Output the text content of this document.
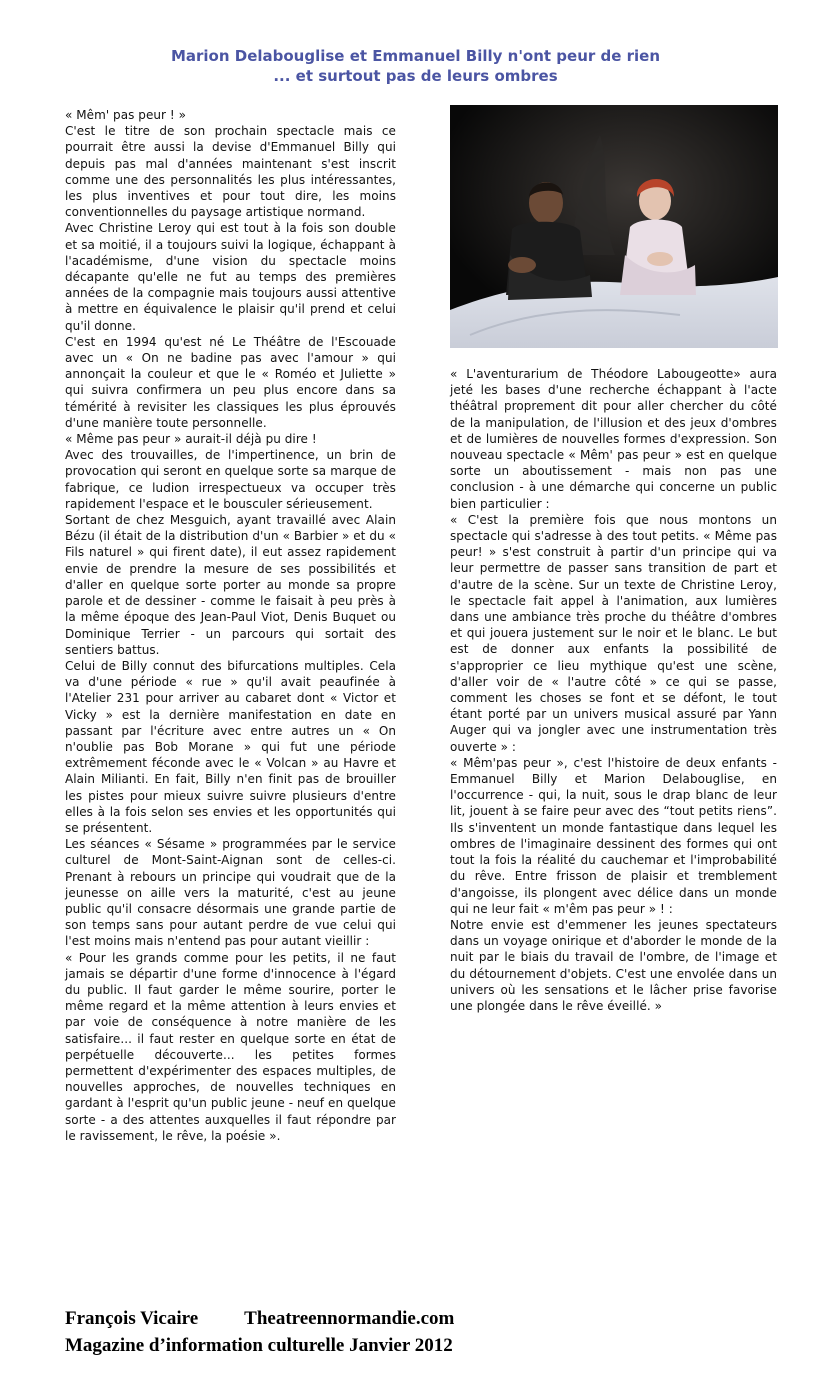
Marion Delabouglise et Emmanuel Billy n'ont peur de rien
... et surtout pas de leurs ombres

« Mêm' pas peur ! »

C'est le titre de son prochain spectacle mais ce pourrait être aussi la devise d'Emmanuel Billy qui depuis pas mal d'années maintenant s'est inscrit comme une des personnalités les plus intéressantes, les plus inventives et pour tout dire, les moins conventionnelles du paysage artistique normand.

Avec Christine Leroy qui est tout à la fois son double et sa moitié, il a toujours suivi la logique, échappant à l'académisme, d'une vision du spectacle moins décapante qu'elle ne fut au temps des premières années de la compagnie mais toujours aussi attentive à mettre en équivalence le plaisir qu'il prend et celui qu'il donne.

C'est en 1994 qu'est né Le Théâtre de l'Escouade avec un « On ne badine pas avec l'amour » qui annonçait la couleur et que le « Roméo et Juliette » qui suivra confirmera un peu plus encore dans sa témérité à revisiter les classiques les plus éprouvés d'une manière toute personnelle.

« Même pas peur » aurait-il déjà pu dire !

Avec des trouvailles, de l'impertinence, un brin de provocation qui seront en quelque sorte sa marque de fabrique, ce ludion irrespectueux va occuper très rapidement l'espace et le bousculer sérieusement.

Sortant de chez Mesguich, ayant travaillé avec Alain Bézu (il était de la distribution d'un « Barbier » et du « Fils naturel » qui firent date), il eut assez rapidement envie de prendre la mesure de ses possibilités et d'aller en quelque sorte porter au monde sa propre parole et de dessiner - comme le faisait à peu près à la même époque des Jean-Paul Viot, Denis Buquet ou Dominique Terrier - un parcours qui sortait des sentiers battus.

Celui de Billy connut des bifurcations multiples. Cela va d'une période « rue » qu'il avait peaufinée à l'Atelier 231 pour arriver au cabaret dont « Victor et Vicky » est la dernière manifestation en date en passant par l'écriture avec entre autres un « On n'oublie pas Bob Morane » qui fut une période extrêmement féconde avec le « Volcan » au Havre et Alain Milianti. En fait, Billy n'en finit pas de brouiller les pistes pour mieux suivre suivre plusieurs d'entre elles à la fois selon ses envies et les opportunités qui se présentent.

Les séances « Sésame » programmées par le service culturel de Mont-Saint-Aignan sont de celles-ci. Prenant à rebours un principe qui voudrait que de la jeunesse on aille vers la maturité, c'est au jeune public qu'il consacre désormais une grande partie de son temps sans pour autant perdre de vue celui qui l'est moins mais n'entend pas pour autant vieillir :

« Pour les grands comme pour les petits, il ne faut jamais se départir d'une forme d'innocence à l'égard du public. Il faut garder le même sourire, porter le même regard et la même attention à leurs envies et par voie de conséquence à notre manière de les satisfaire... il faut rester en quelque sorte en état de perpétuelle découverte... les petites formes permettent d'expérimenter des espaces multiples, de nouvelles approches, de nouvelles techniques en gardant à l'esprit qu'un public jeune - neuf en quelque sorte - a des attentes auxquelles il faut répondre par le ravissement, le rêve, la poésie ».

« L'aventurarium de Théodore Labougeotte» aura jeté les bases d'une recherche échappant à l'acte théâtral proprement dit pour aller chercher du côté de la manipulation, de l'illusion et des jeux d'ombres et de lumières de nouvelles formes d'expression. Son nouveau spectacle « Mêm' pas peur » est en quelque sorte un aboutissement - mais non pas une conclusion - à une démarche qui concerne un public bien particulier :

« C'est la première fois que nous montons un spectacle qui s'adresse à des tout petits. « Même pas peur! » s'est construit à partir d'un principe qui va leur permettre de passer sans transition de part et d'autre de la scène. Sur un texte de Christine Leroy, le spectacle fait appel à l'animation, aux lumières dans une ambiance très proche du théâtre d'ombres et qui jouera justement sur le noir et le blanc. Le but est de donner aux enfants la possibilité de s'approprier ce lieu mythique qu'est une scène, d'aller voir de « l'autre côté » ce qui se passe, comment les choses se font et se défont, le tout étant porté par un univers musical assuré par Yann Auger qui va jongler avec une instrumentation très ouverte » :

« Mêm'pas peur », c'est l'histoire de deux enfants - Emmanuel Billy et Marion Delabouglise, en l'occurrence - qui, la nuit, sous le drap blanc de leur lit, jouent à se faire peur avec des “tout petits riens”. Ils s'inventent un monde fantastique dans lequel les ombres de l'imaginaire dessinent des formes qui ont tout la fois la réalité du cauchemar et l'improbabilité du rêve. Entre frisson de plaisir et tremblement d'angoisse, ils plongent avec délice dans un monde qui ne leur fait « m'êm pas peur » ! :

Notre envie est d'emmener les jeunes spectateurs dans un voyage onirique et d'aborder le monde de la nuit par le biais du travail de l'ombre, de l'image et du détournement d'objets. C'est une envolée dans un univers où les sensations et le lâcher prise favorise une plongée dans le rêve éveillé. »

François Vicaire Theatreennormandie.com
Magazine d’information culturelle Janvier 2012
